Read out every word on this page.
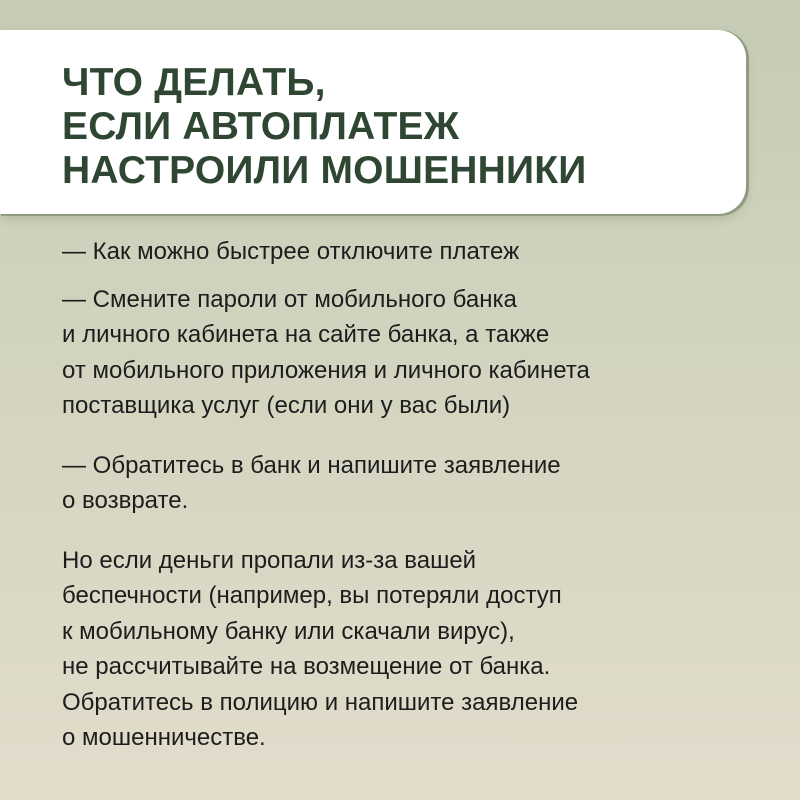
ЧТО ДЕЛАТЬ,
ЕСЛИ АВТОПЛАТЕЖ
НАСТРОИЛИ МОШЕННИКИ

— Как можно быстрее отключите платеж

— Смените пароли от мобильного банка
и личного кабинета на сайте банка, а также
от мобильного приложения и личного кабинета
поставщика услуг (если они у вас были)

— Обратитесь в банк и напишите заявление
о возврате.

Но если деньги пропали из-за вашей
беспечности (например, вы потеряли доступ
к мобильному банку или скачали вирус),
не рассчитывайте на возмещение от банка.
Обратитесь в полицию и напишите заявление
о мошенничестве.
